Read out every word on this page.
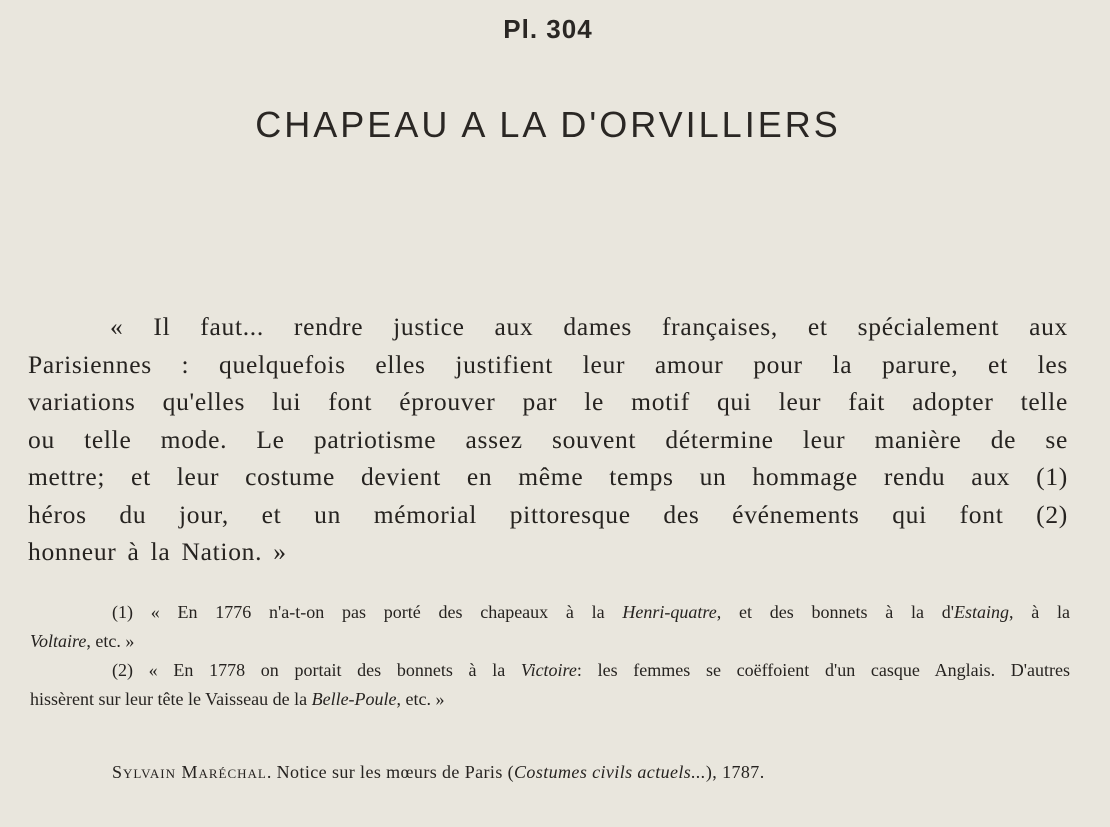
Pl. 304
CHAPEAU A LA D'ORVILLIERS
« Il faut... rendre justice aux dames françaises, et spécialement aux
Parisiennes : quelquefois elles justifient leur amour pour la parure, et les
variations qu'elles lui font éprouver par le motif qui leur fait adopter telle
ou telle mode. Le patriotisme assez souvent détermine leur manière de se
mettre; et leur costume devient en même temps un hommage rendu aux (1)
héros du jour, et un mémorial pittoresque des événements qui font (2)
honneur à la Nation. »
(1) « En 1776 n'a-t-on pas porté des chapeaux à la Henri-quatre, et des bonnets à la d'Estaing, à la
Voltaire, etc. »
(2) « En 1778 on portait des bonnets à la Victoire: les femmes se coëffoient d'un casque Anglais. D'autres
hissèrent sur leur tête le Vaisseau de la Belle-Poule, etc. »
Sylvain Maréchal. Notice sur les mœurs de Paris (Costumes civils actuels...), 1787.
